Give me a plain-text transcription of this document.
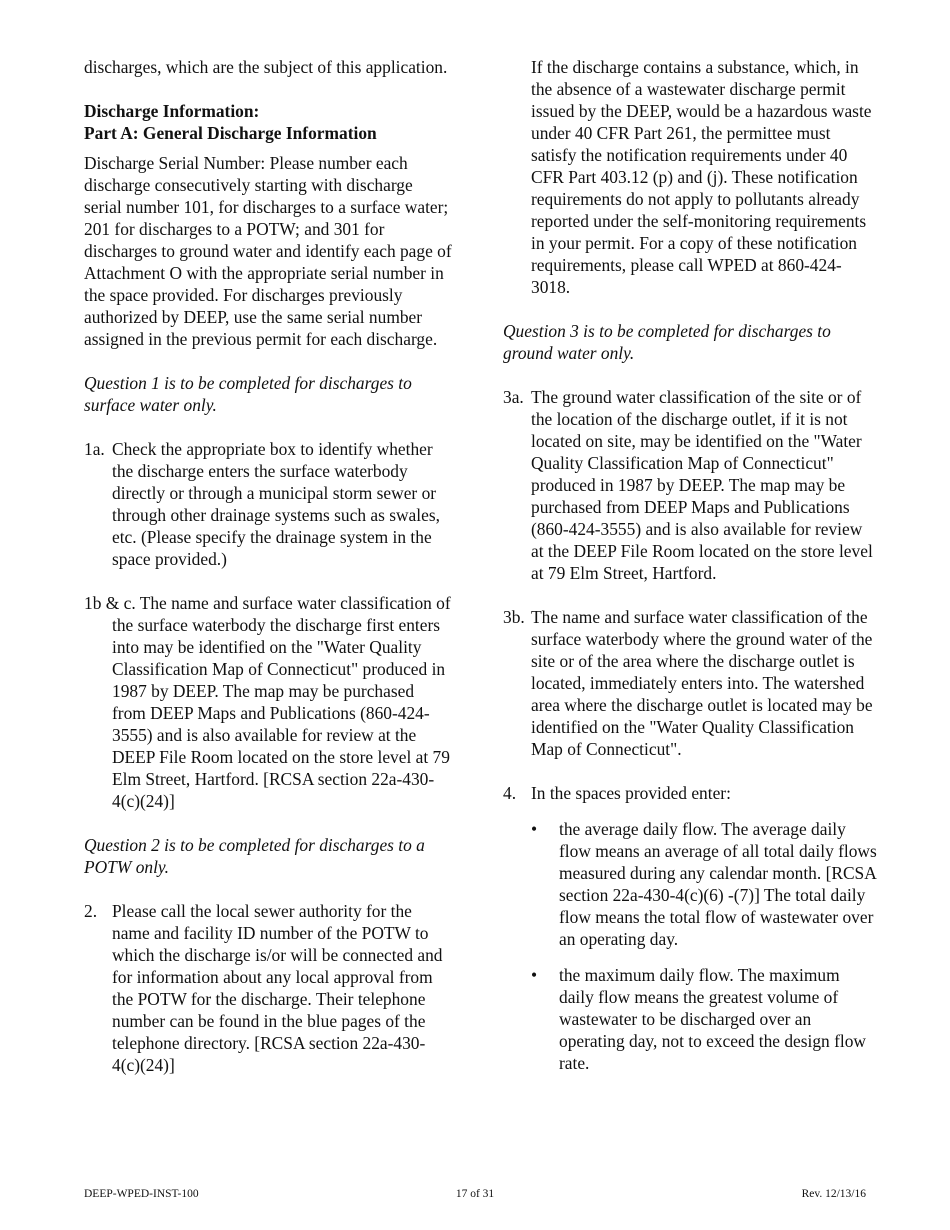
discharges, which are the subject of this application.

Discharge Information:

Part A: General Discharge Information

Discharge Serial Number: Please number each discharge consecutively starting with discharge serial number 101, for discharges to a surface water; 201 for discharges to a POTW; and 301 for discharges to ground water and identify each page of Attachment O with the appropriate serial number in the space provided. For discharges previously authorized by DEEP, use the same serial number assigned in the previous permit for each discharge.

Question 1 is to be completed for discharges to surface water only.

1a. Check the appropriate box to identify whether the discharge enters the surface waterbody directly or through a municipal storm sewer or through other drainage systems such as swales, etc. (Please specify the drainage system in the space provided.)

1b & c. The name and surface water classification of the surface waterbody the discharge first enters into may be identified on the "Water Quality Classification Map of Connecticut" produced in 1987 by DEEP. The map may be purchased from DEEP Maps and Publications (860-424-3555) and is also available for review at the DEEP File Room located on the store level at 79 Elm Street, Hartford. [RCSA section 22a-430-4(c)(24)]

Question 2 is to be completed for discharges to a POTW only.

2. Please call the local sewer authority for the name and facility ID number of the POTW to which the discharge is/or will be connected and for information about any local approval from the POTW for the discharge. Their telephone number can be found in the blue pages of the telephone directory. [RCSA section 22a-430-4(c)(24)]

If the discharge contains a substance, which, in the absence of a wastewater discharge permit issued by the DEEP, would be a hazardous waste under 40 CFR Part 261, the permittee must satisfy the notification requirements under 40 CFR Part 403.12 (p) and (j). These notification requirements do not apply to pollutants already reported under the self-monitoring requirements in your permit. For a copy of these notification requirements, please call WPED at 860-424-3018.

Question 3 is to be completed for discharges to ground water only.

3a. The ground water classification of the site or of the location of the discharge outlet, if it is not located on site, may be identified on the "Water Quality Classification Map of Connecticut" produced in 1987 by DEEP. The map may be purchased from DEEP Maps and Publications (860-424-3555) and is also available for review at the DEEP File Room located on the store level at 79 Elm Street, Hartford.
3b. The name and surface water classification of the surface waterbody where the ground water of the site or of the area where the discharge outlet is located, immediately enters into. The watershed area where the discharge outlet is located may be identified on the "Water Quality Classification Map of Connecticut".
4. In the spaces provided enter:
• the average daily flow. The average daily flow means an average of all total daily flows measured during any calendar month. [RCSA section 22a-430-4(c)(6) -(7)] The total daily flow means the total flow of wastewater over an operating day.
• the maximum daily flow. The maximum daily flow means the greatest volume of wastewater to be discharged over an operating day, not to exceed the design flow rate.
DEEP-WPED-INST-100	17 of 31	Rev. 12/13/16
